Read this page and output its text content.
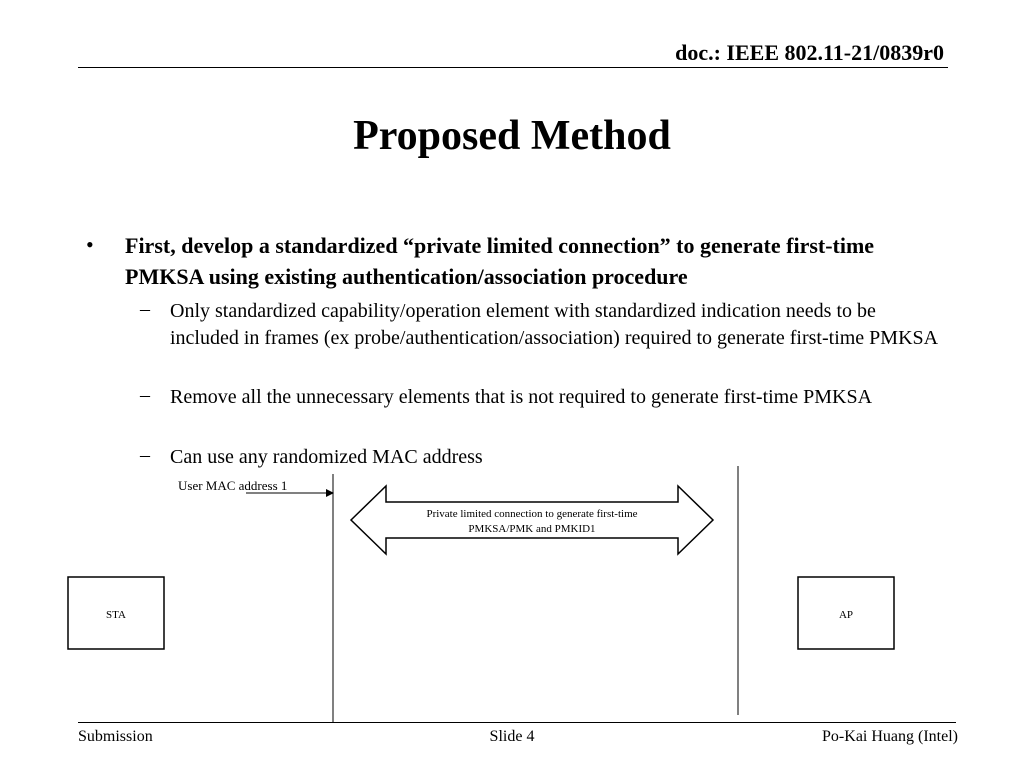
doc.: IEEE 802.11-21/0839r0
Proposed Method
• First, develop a standardized “private limited connection” to generate first-time PMKSA using existing authentication/association procedure
– Only standardized capability/operation element with standardized indication needs to be included in frames (ex probe/authentication/association) required to generate first-time PMKSA
– Remove all the unnecessary elements that is not required to generate first-time PMKSA
– Can use any randomized MAC address
User MAC address 1
Private limited connection to generate first-time
PMKSA/PMK and PMKID1
STA	AP
Submission	Slide 4	Po-Kai Huang (Intel)
